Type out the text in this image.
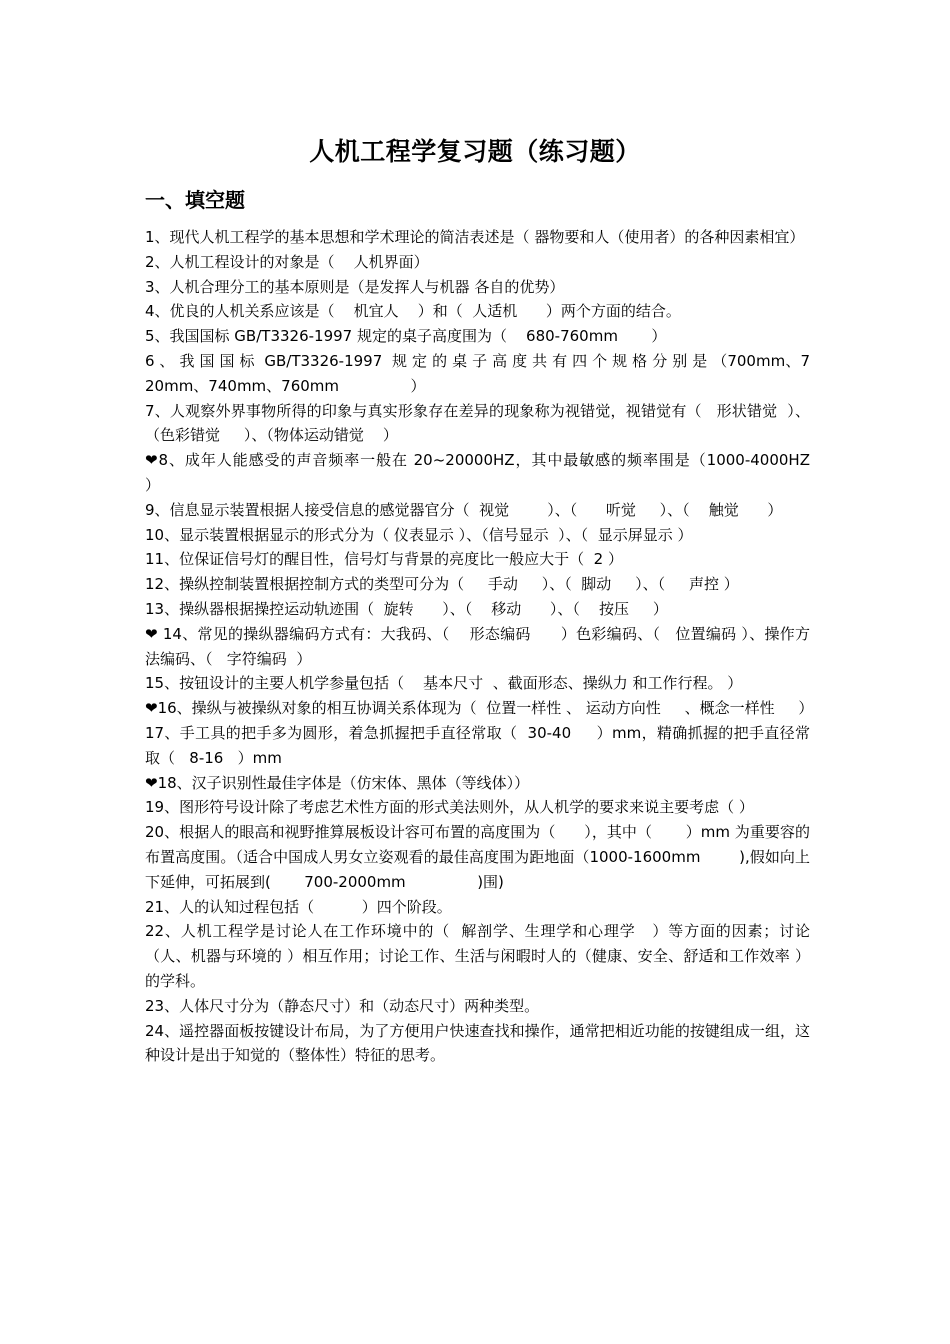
人机工程学复习题（练习题）
一、填空题

1、现代人机工程学的基本思想和学术理论的简洁表述是（ 器物要和人（使用者）的各种因素相宜）

2、人机工程设计的对象是（    人机界面）

3、人机合理分工的基本原则是（是发挥人与机器 各自的优势）

4、优良的人机关系应该是（    机宜人    ）和（  人适机      ）两个方面的结合。

5、我国国标 GB/T3326-1997 规定的桌子高度围为（    680-760mm       ）

6 、 我 国 国 标  GB/T3326-1997  规 定 的 桌 子 高 度 共 有 四 个 规 格 分 别 是 （700mm、720mm、740mm、760mm               ）

7、人观察外界事物所得的印象与真实形象存在差异的现象称为视错觉，视错觉有（   形状错觉  ）、（色彩错觉     ）、（物体运动错觉    ）

❤8、成年人能感受的声音频率一般在 20~20000HZ，其中最敏感的频率围是（1000-4000HZ         ）

9、信息显示装置根据人接受信息的感觉器官分（  视觉        ）、（      听觉     ）、（    触觉      ）

10、显示装置根据显示的形式分为（ 仪表显示 ）、（信号显示  ）、（  显示屏显示 ）

11、位保证信号灯的醒目性，信号灯与背景的亮度比一般应大于（  2 ）

12、操纵控制装置根据控制方式的类型可分为（     手动     ）、（  脚动     ）、（     声控 ）

13、操纵器根据操控运动轨迹围（  旋转      ）、（    移动      ）、（    按压     ）

❤ 14、常见的操纵器编码方式有：大我码、（    形态编码      ）色彩编码、（   位置编码 ）、操作方法编码、（   字符编码  ）

15、按钮设计的主要人机学参量包括（    基本尺寸  、截面形态、操纵力 和工作行程。 ）

❤16、操纵与被操纵对象的相互协调关系体现为（  位置一样性 、 运动方向性     、概念一样性     ）

17、手工具的把手多为圆形，着急抓握把手直径常取（  30-40     ）mm，精确抓握的把手直径常取（   8-16   ）mm

❤18、汉子识别性最佳字体是（仿宋体、黑体（等线体））

19、图形符号设计除了考虑艺术性方面的形式美法则外，从人机学的要求来说主要考虑（ ）

20、根据人的眼高和视野推算展板设计容可布置的高度围为（      ），其中（       ）mm 为重要容的布置高度围。（适合中国成人男女立姿观看的最佳高度围为距地面（1000-1600mm        ),假如向上下延伸，可拓展到(       700-2000mm               )围)

21、人的认知过程包括（          ）四个阶段。

22、人机工程学是讨论人在工作环境中的（  解剖学、生理学和心理学   ）等方面的因素；讨论（人、机器与环境的 ）相互作用；讨论工作、生活与闲暇时人的（健康、安全、舒适和工作效率 ）的学科。

23、人体尺寸分为（静态尺寸）和（动态尺寸）两种类型。

24、遥控器面板按键设计布局，为了方便用户快速查找和操作，通常把相近功能的按键组成一组，这种设计是出于知觉的（整体性）特征的思考。
